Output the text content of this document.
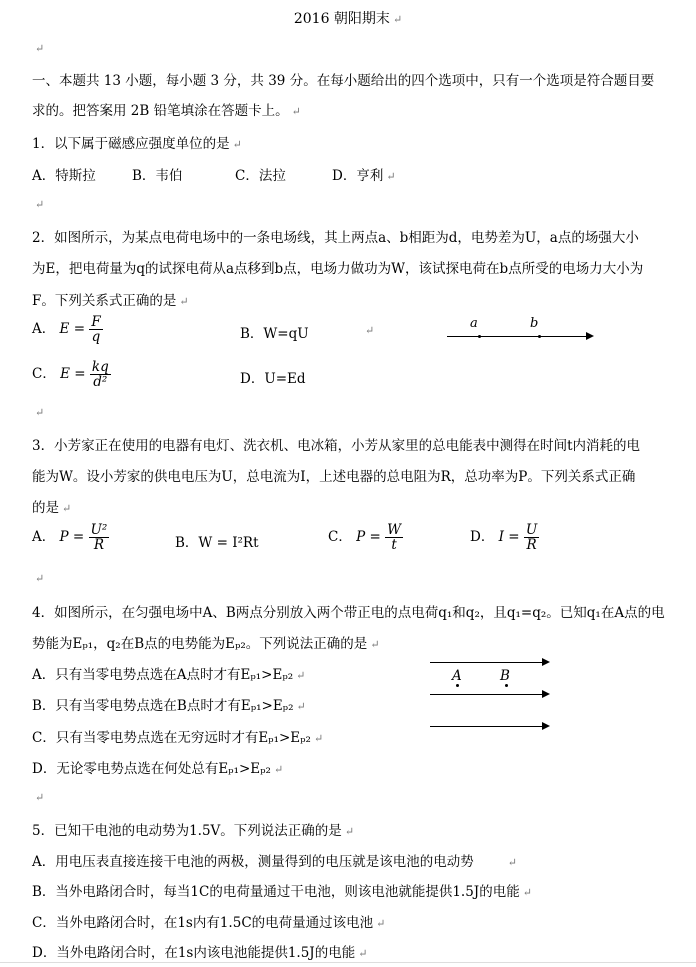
2016 朝阳期末 ↵
↵
一、本题共 13 小题，每小题 3 分，共 39 分。在每小题给出的四个选项中，只有一个选项是符合题目要
求的。把答案用 2B 铅笔填涂在答题卡上。 ↵
1．以下属于磁感应强度单位的是 ↵
A．特斯拉	B．韦伯	C．法拉	D．亨利 ↵
↵
2．如图所示，为某点电荷电场中的一条电场线，其上两点a、b相距为d，电势差为U，a点的场强大小
为E，把电荷量为q的试探电荷从a点移到b点，电场力做功为W，该试探电荷在b点所受的电场力大小为
F。下列关系式正确的是 ↵
A． $E = \frac{F}{q}$	B．W=qU	↵	a	b
C． $E = \frac{kq}{\text{d²}}$	D．U=Ed
↵
3．小芳家正在使用的电器有电灯、洗衣机、电冰箱，小芳从家里的总电能表中测得在时间t内消耗的电
能为W。设小芳家的供电电压为U，总电流为I，上述电器的总电阻为R，总功率为P。下列关系式正确
的是 ↵
A． $P = \frac{\text{U²}}{R}$	B．W = I²Rt	C． $P = \frac{W}{t}$	D． $I = \frac{U}{R}$
↵
4．如图所示，在匀强电场中A、B两点分别放入两个带正电的点电荷q₁和q₂，且q₁=q₂。已知q₁在A点的电
势能为Eₚ₁，q₂在B点的电势能为Eₚ₂。下列说法正确的是 ↵
A．只有当零电势点选在A点时才有Eₚ₁>Eₚ₂ ↵
B．只有当零电势点选在B点时才有Eₚ₁>Eₚ₂ ↵
C．只有当零电势点选在无穷远时才有Eₚ₁>Eₚ₂ ↵
D．无论零电势点选在何处总有Eₚ₁>Eₚ₂ ↵
A	B
↵
5．已知干电池的电动势为1.5V。下列说法正确的是 ↵
A．用电压表直接连接干电池的两极，测量得到的电压就是该电池的电动势	↵
B．当外电路闭合时，每当1C的电荷量通过干电池，则该电池就能提供1.5J的电能 ↵
C．当外电路闭合时，在1s内有1.5C的电荷量通过该电池 ↵
D．当外电路闭合时，在1s内该电池能提供1.5J的电能 ↵
